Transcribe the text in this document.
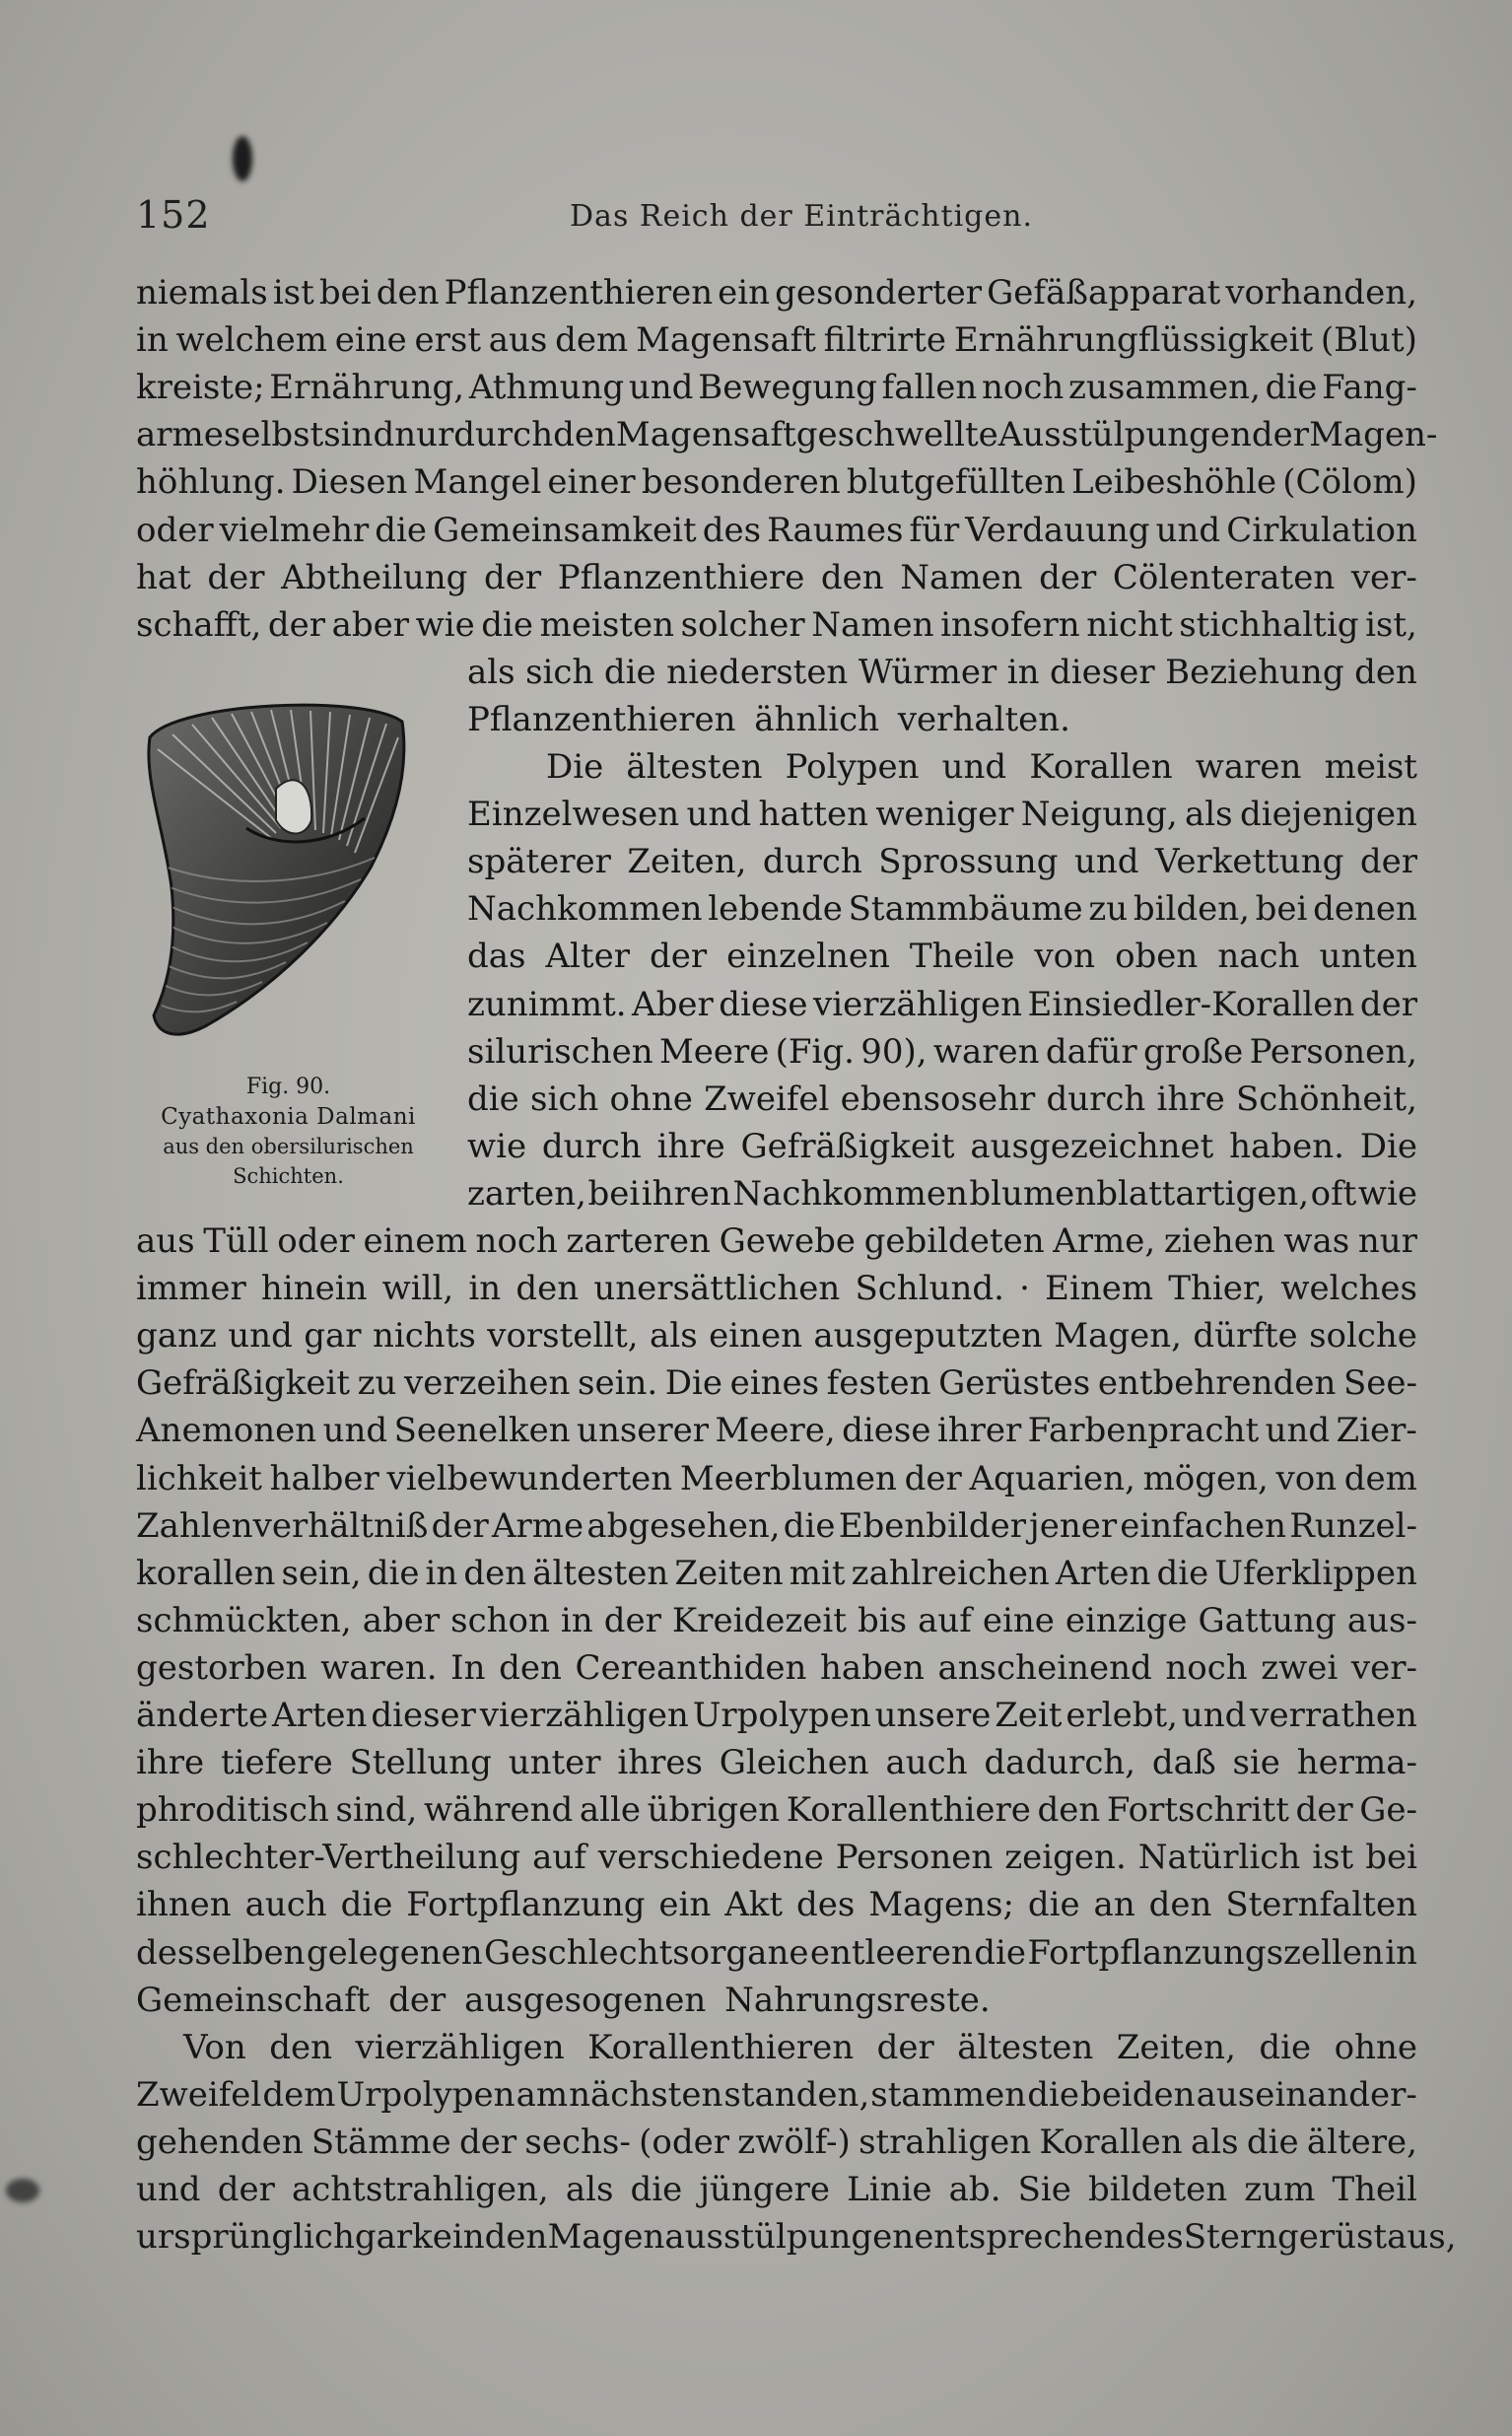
152	Das Reich der Einträchtigen.
niemals ist bei den Pflanzenthieren ein gesonderter Gefäßapparat vorhanden,
in welchem eine erst aus dem Magensaft filtrirte Ernährungflüssigkeit (Blut)
kreiste; Ernährung, Athmung und Bewegung fallen noch zusammen, die Fang-
arme selbst sind nur durch den Magensaft geschwellte Ausstülpungen der Magen-
höhlung. Diesen Mangel einer besonderen blutgefüllten Leibeshöhle (Cölom)
oder vielmehr die Gemeinsamkeit des Raumes für Verdauung und Cirkulation
hat der Abtheilung der Pflanzenthiere den Namen der Cölenteraten ver-
schafft, der aber wie die meisten solcher Namen insofern nicht stichhaltig ist,
als sich die niedersten Würmer in dieser Beziehung den
Pflanzenthieren ähnlich verhalten.
Die ältesten Polypen und Korallen waren meist
Einzelwesen und hatten weniger Neigung, als diejenigen
späterer Zeiten, durch Sprossung und Verkettung der
Nachkommen lebende Stammbäume zu bilden, bei denen
das Alter der einzelnen Theile von oben nach unten
zunimmt. Aber diese vierzähligen Einsiedler-Korallen der
silurischen Meere (Fig. 90), waren dafür große Personen,
die sich ohne Zweifel ebensosehr durch ihre Schönheit,
wie durch ihre Gefräßigkeit ausgezeichnet haben. Die
zarten, bei ihren Nachkommen blumenblattartigen, oft wie
aus Tüll oder einem noch zarteren Gewebe gebildeten Arme, ziehen was nur
immer hinein will, in den unersättlichen Schlund. · Einem Thier, welches
ganz und gar nichts vorstellt, als einen ausgeputzten Magen, dürfte solche
Gefräßigkeit zu verzeihen sein. Die eines festen Gerüstes entbehrenden See-
Anemonen und Seenelken unserer Meere, diese ihrer Farbenpracht und Zier-
lichkeit halber vielbewunderten Meerblumen der Aquarien, mögen, von dem
Zahlenverhältniß der Arme abgesehen, die Ebenbilder jener einfachen Runzel-
korallen sein, die in den ältesten Zeiten mit zahlreichen Arten die Uferklippen
schmückten, aber schon in der Kreidezeit bis auf eine einzige Gattung aus-
gestorben waren. In den Cereanthiden haben anscheinend noch zwei ver-
änderte Arten dieser vierzähligen Urpolypen unsere Zeit erlebt, und verrathen
ihre tiefere Stellung unter ihres Gleichen auch dadurch, daß sie herma-
phroditisch sind, während alle übrigen Korallenthiere den Fortschritt der Ge-
schlechter-Vertheilung auf verschiedene Personen zeigen. Natürlich ist bei
ihnen auch die Fortpflanzung ein Akt des Magens; die an den Sternfalten
desselben gelegenen Geschlechtsorgane entleeren die Fortpflanzungszellen in
Gemeinschaft der ausgesogenen Nahrungsreste.
Von den vierzähligen Korallenthieren der ältesten Zeiten, die ohne
Zweifel dem Urpolypen am nächsten standen, stammen die beiden auseinander-
gehenden Stämme der sechs- (oder zwölf-) strahligen Korallen als die ältere,
und der achtstrahligen, als die jüngere Linie ab. Sie bildeten zum Theil
ursprünglich gar kein den Magenausstülpungen entsprechendes Sterngerüst aus,
Fig. 90.
Cyathaxonia Dalmani
aus den obersilurischen
Schichten.
